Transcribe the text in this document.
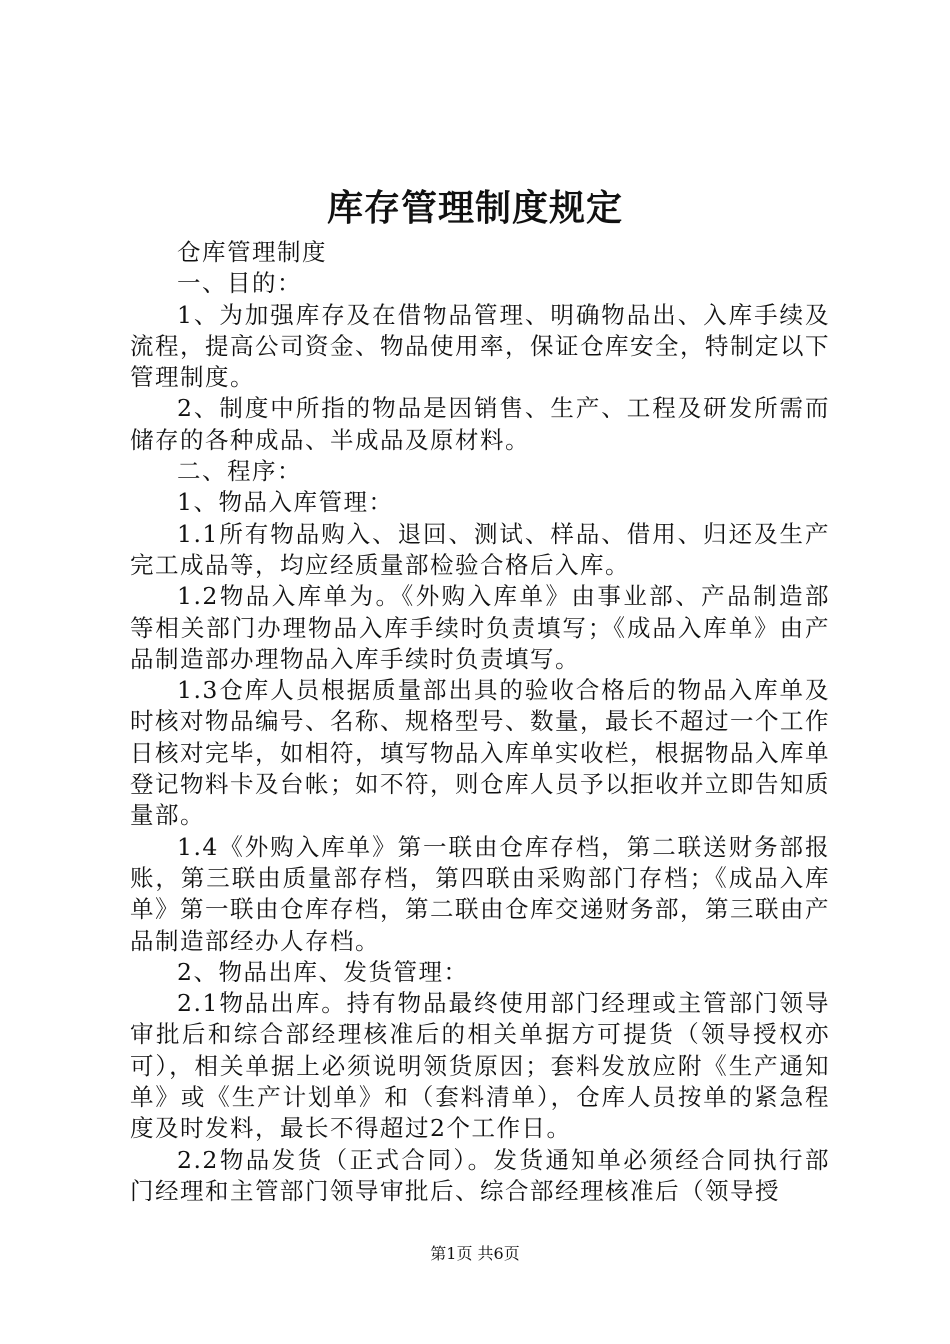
库存管理制度规定

仓库管理制度

一、目的：

1、为加强库存及在借物品管理、明确物品出、入库手续及流程，提高公司资金、物品使用率，保证仓库安全，特制定以下管理制度。

2、制度中所指的物品是因销售、生产、工程及研发所需而储存的各种成品、半成品及原材料。

二、程序：

1、物品入库管理：

1.1所有物品购入、退回、测试、样品、借用、归还及生产完工成品等，均应经质量部检验合格后入库。

1.2物品入库单为。《外购入库单》由事业部、产品制造部等相关部门办理物品入库手续时负责填写；《成品入库单》由产品制造部办理物品入库手续时负责填写。

1.3仓库人员根据质量部出具的验收合格后的物品入库单及时核对物品编号、名称、规格型号、数量，最长不超过一个工作日核对完毕，如相符，填写物品入库单实收栏，根据物品入库单登记物料卡及台帐；如不符，则仓库人员予以拒收并立即告知质量部。

1.4《外购入库单》第一联由仓库存档，第二联送财务部报账，第三联由质量部存档，第四联由采购部门存档；《成品入库单》第一联由仓库存档，第二联由仓库交递财务部，第三联由产品制造部经办人存档。

2、物品出库、发货管理：

2.1物品出库。持有物品最终使用部门经理或主管部门领导审批后和综合部经理核准后的相关单据方可提货（领导授权亦可），相关单据上必须说明领货原因；套料发放应附《生产通知单》或《生产计划单》和（套料清单），仓库人员按单的紧急程度及时发料，最长不得超过2个工作日。

2.2物品发货（正式合同）。发货通知单必须经合同执行部门经理和主管部门领导审批后、综合部经理核准后（领导授

第1页 共6页
